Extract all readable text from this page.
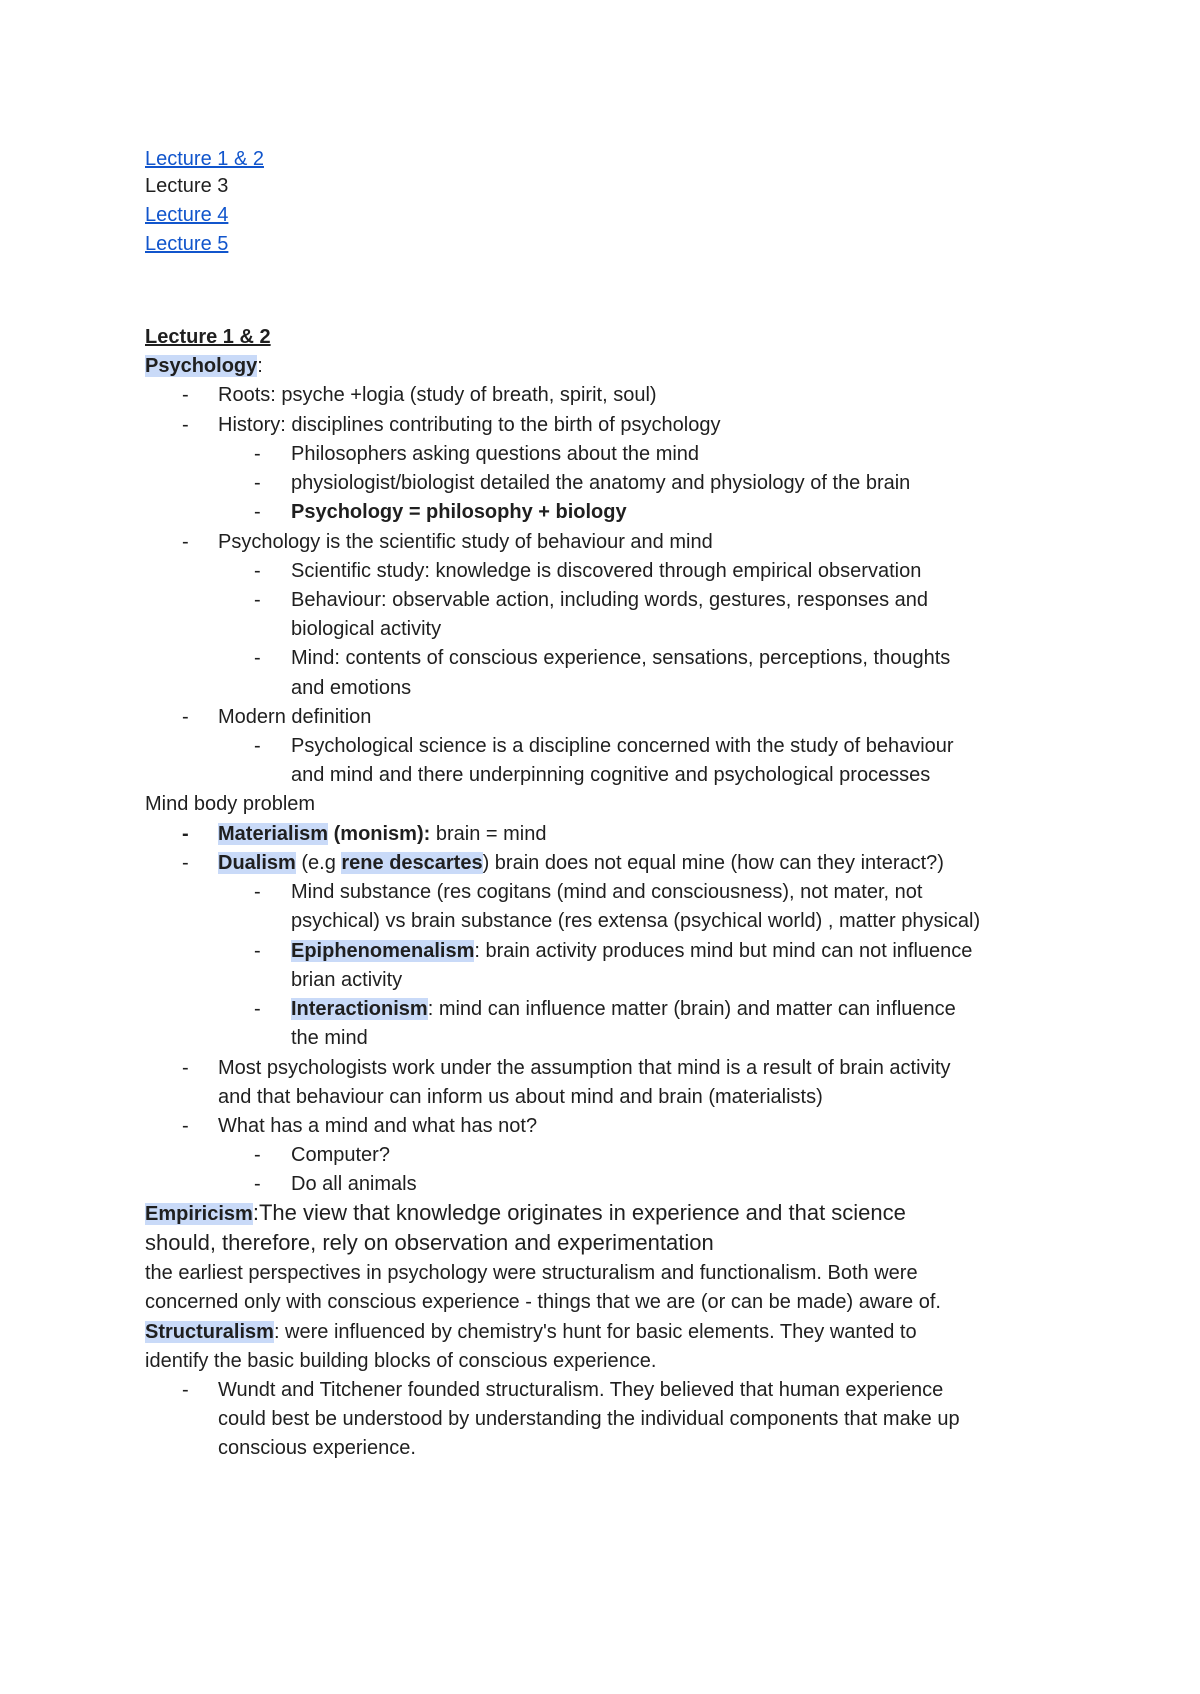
Lecture 1 & 2
Lecture 3
Lecture 4
Lecture 5
Lecture 1 & 2
Psychology:
- Roots: psyche +logia (study of breath, spirit, soul)
- History: disciplines contributing to the birth of psychology
- Philosophers asking questions about the mind
- physiologist/biologist detailed the anatomy and physiology of the brain
- Psychology = philosophy + biology
- Psychology is the scientific study of behaviour and mind
- Scientific study: knowledge is discovered through empirical observation
- Behaviour: observable action, including words, gestures, responses and
biological activity
- Mind: contents of conscious experience, sensations, perceptions, thoughts
and emotions
- Modern definition
- Psychological science is a discipline concerned with the study of behaviour
and mind and there underpinning cognitive and psychological processes
Mind body problem
- Materialism (monism): brain = mind
- Dualism (e.g rene descartes) brain does not equal mine (how can they interact?)
- Mind substance (res cogitans (mind and consciousness), not mater, not
psychical) vs brain substance (res extensa (psychical world) , matter physical)
- Epiphenomenalism: brain activity produces mind but mind can not influence
brian activity
- Interactionism: mind can influence matter (brain) and matter can influence
the mind
- Most psychologists work under the assumption that mind is a result of brain activity
and that behaviour can inform us about mind and brain (materialists)
- What has a mind and what has not?
- Computer?
- Do all animals
Empiricism:The view that knowledge originates in experience and that science
should, therefore, rely on observation and experimentation
the earliest perspectives in psychology were structuralism and functionalism. Both were
concerned only with conscious experience - things that we are (or can be made) aware of.
Structuralism: were influenced by chemistry's hunt for basic elements. They wanted to
identify the basic building blocks of conscious experience.
- Wundt and Titchener founded structuralism. They believed that human experience
could best be understood by understanding the individual components that make up
conscious experience.
